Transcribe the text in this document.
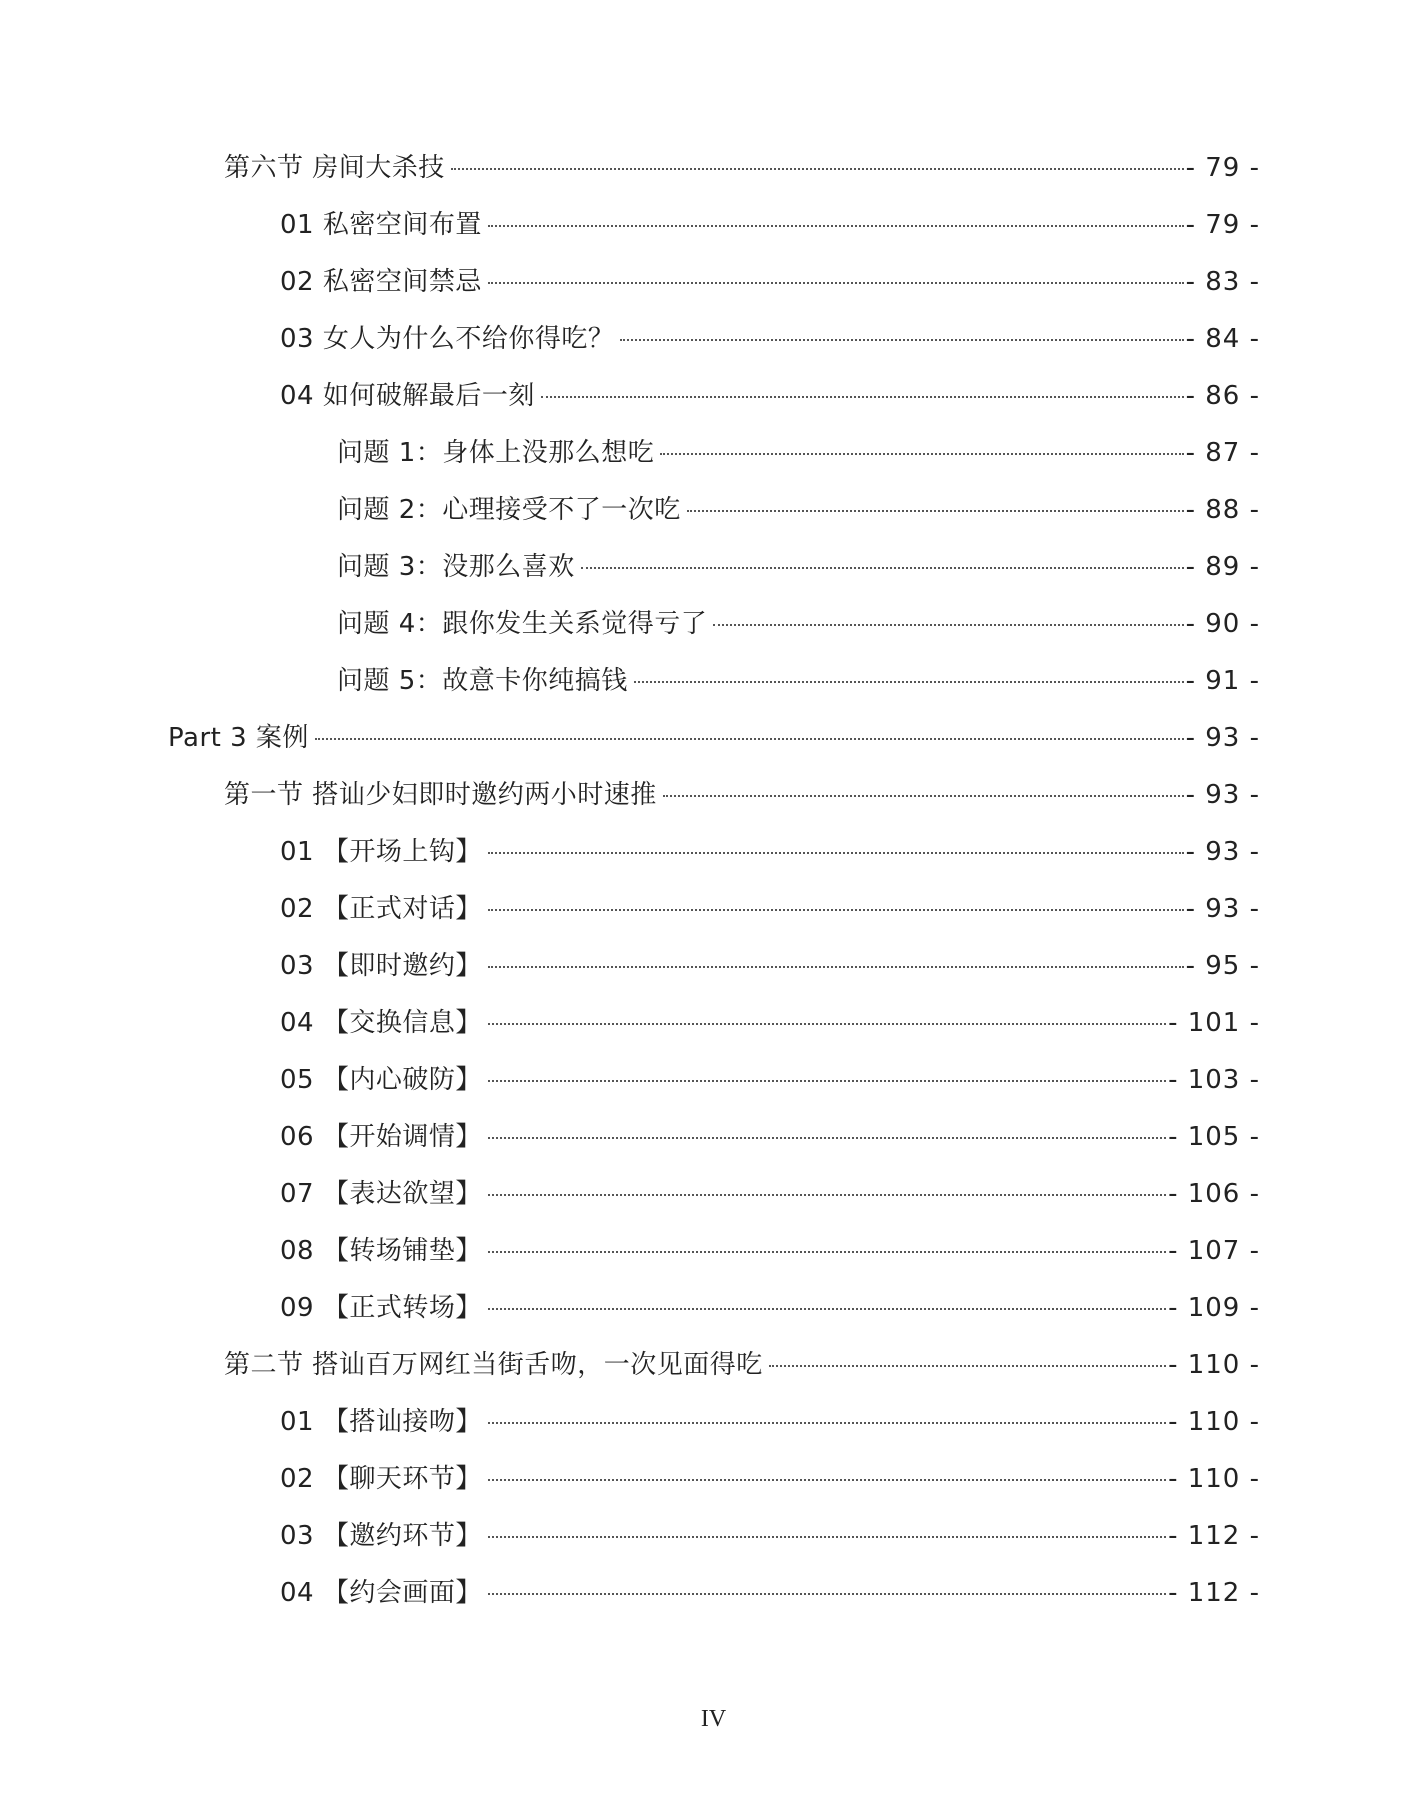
第六节 房间大杀技	- 79 -
01 私密空间布置	- 79 -
02 私密空间禁忌	- 83 -
03 女人为什么不给你得吃？	- 84 -
04 如何破解最后一刻	- 86 -
问题 1：身体上没那么想吃	- 87 -
问题 2：心理接受不了一次吃	- 88 -
问题 3：没那么喜欢	- 89 -
问题 4：跟你发生关系觉得亏了	- 90 -
问题 5：故意卡你纯搞钱	- 91 -
Part 3 案例	- 93 -
第一节 搭讪少妇即时邀约两小时速推	- 93 -
01 【开场上钩】	- 93 -
02 【正式对话】	- 93 -
03 【即时邀约】	- 95 -
04 【交换信息】	- 101 -
05 【内心破防】	- 103 -
06 【开始调情】	- 105 -
07 【表达欲望】	- 106 -
08 【转场铺垫】	- 107 -
09 【正式转场】	- 109 -
第二节 搭讪百万网红当街舌吻，一次见面得吃	- 110 -
01 【搭讪接吻】	- 110 -
02 【聊天环节】	- 110 -
03 【邀约环节】	- 112 -
04 【约会画面】	- 112 -
IV
